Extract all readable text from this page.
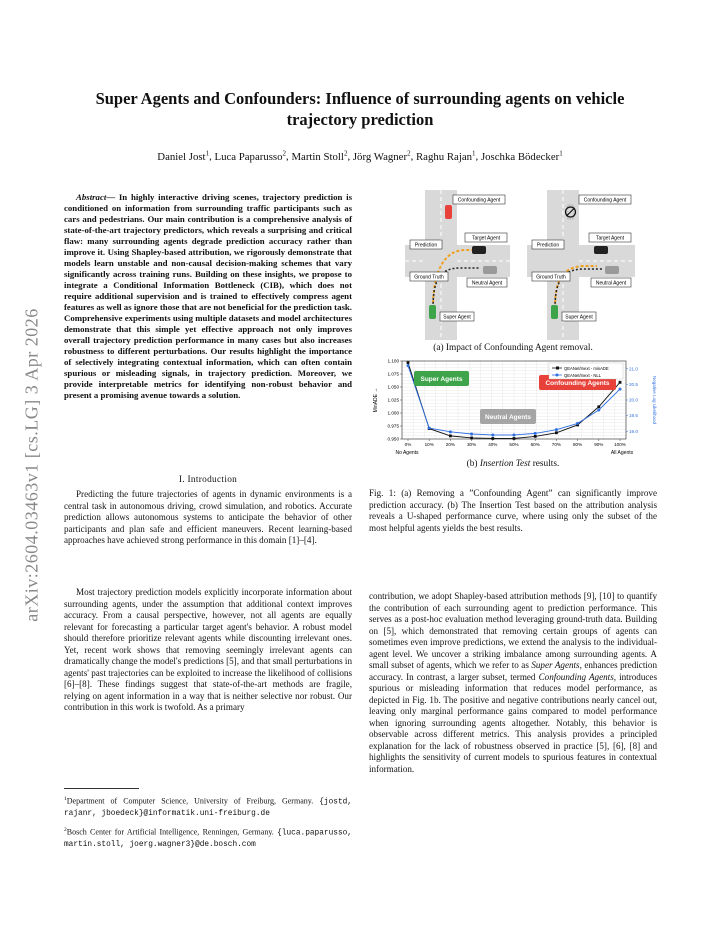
arXiv:2604.03463v1 [cs.LG] 3 Apr 2026
Super Agents and Confounders: Influence of surrounding agents on vehicle trajectory prediction
Daniel Jost$^1$, Luca Paparusso$^2$, Martin Stoll$^2$, Jörg Wagner$^2$, Raghu Rajan$^1$, Joschka Bödecker$^1$
Abstract— In highly interactive driving scenes, trajectory prediction is conditioned on information from surrounding traffic participants such as cars and pedestrians. Our main contribution is a comprehensive analysis of state-of-the-art trajectory predictors, which reveals a surprising and critical flaw: many surrounding agents degrade prediction accuracy rather than improve it. Using Shapley-based attribution, we rigorously demonstrate that models learn unstable and non-causal decision-making schemes that vary significantly across training runs. Building on these insights, we propose to integrate a Conditional Information Bottleneck (CIB), which does not require additional supervision and is trained to effectively compress agent features as well as ignore those that are not beneficial for the prediction task. Comprehensive experiments using multiple datasets and model architectures demonstrate that this simple yet effective approach not only improves overall trajectory prediction performance in many cases but also increases robustness to different perturbations. Our results highlight the importance of selectively integrating contextual information, which can often contain spurious or misleading signals, in trajectory prediction. Moreover, we provide interpretable metrics for identifying non-robust behavior and present a promising avenue towards a solution.
I. Introduction
Predicting the future trajectories of agents in dynamic environments is a central task in autonomous driving, crowd simulation, and robotics. Accurate prediction allows autonomous systems to anticipate the behavior of other participants and plan safe and efficient maneuvers. Recent learning-based approaches have achieved strong performance in this domain [1]–[4].
Most trajectory prediction models explicitly incorporate information about surrounding agents, under the assumption that additional context improves accuracy. From a causal perspective, however, not all agents are equally relevant for forecasting a particular target agent's behavior. A robust model should therefore prioritize relevant agents while discounting irrelevant ones. Yet, recent work shows that removing seemingly irrelevant agents can dramatically change the model's predictions [5], and that small perturbations in agents' past trajectories can be exploited to increase the likelihood of collisions [6]–[8]. These findings suggest that state-of-the-art methods are fragile, relying on agent information in a way that is neither selective nor robust. Our contribution in this work is twofold. As a primary
$^1$Department of Computer Science, University of Freiburg, Germany. {jostd, rajanr, jboedeck}@informatik.uni-freiburg.de
$^2$Bosch Center for Artificial Intelligence, Renningen, Germany. {luca.paparusso, martin.stoll, joerg.wagner3}@de.bosch.com
Confounding Agent
Target Agent
Prediction
Ground Truth
Neutral Agent
Super Agent
Confounding Agent
Target Agent
Prediction
Ground Truth
Neutral Agent
Super Agent
(a) Impact of Confounding Agent removal.
0.950
0.975
1.000
1.025
1.050
1.075
1.100
19.0
19.5
20.0
20.5
21.0
0%	10%	20%	30%	40%	50%	60%	70%	80%	90% 100%
MinADE →	Negative Log Likelihood
No Agents	All Agents
Super Agents
Neutral Agents
Confounding Agents
QEANet/Inext - minADE
QEANet/Inext - NLL
(b) Insertion Test results.
Fig. 1: (a) Removing a ”Confounding Agent” can significantly improve prediction accuracy. (b) The Insertion Test based on the attribution analysis reveals a U-shaped performance curve, where using only the subset of the most helpful agents yields the best results.
contribution, we adopt Shapley-based attribution methods [9], [10] to quantify the contribution of each surrounding agent to prediction performance. This serves as a post-hoc evaluation method leveraging ground-truth data. Building on [5], which demonstrated that removing certain groups of agents can sometimes even improve predictions, we extend the analysis to the individual-agent level. We uncover a striking imbalance among surrounding agents. A small subset of agents, which we refer to as Super Agents, enhances prediction accuracy. In contrast, a larger subset, termed Confounding Agents, introduces spurious or misleading information that reduces model performance, as depicted in Fig. 1b. The positive and negative contributions nearly cancel out, leaving only marginal performance gains compared to model performance when ignoring surrounding agents altogether. Notably, this behavior is observable across different metrics. This analysis provides a principled explanation for the lack of robustness observed in practice [5], [6], [8] and highlights the sensitivity of current models to spurious features in contextual information.
